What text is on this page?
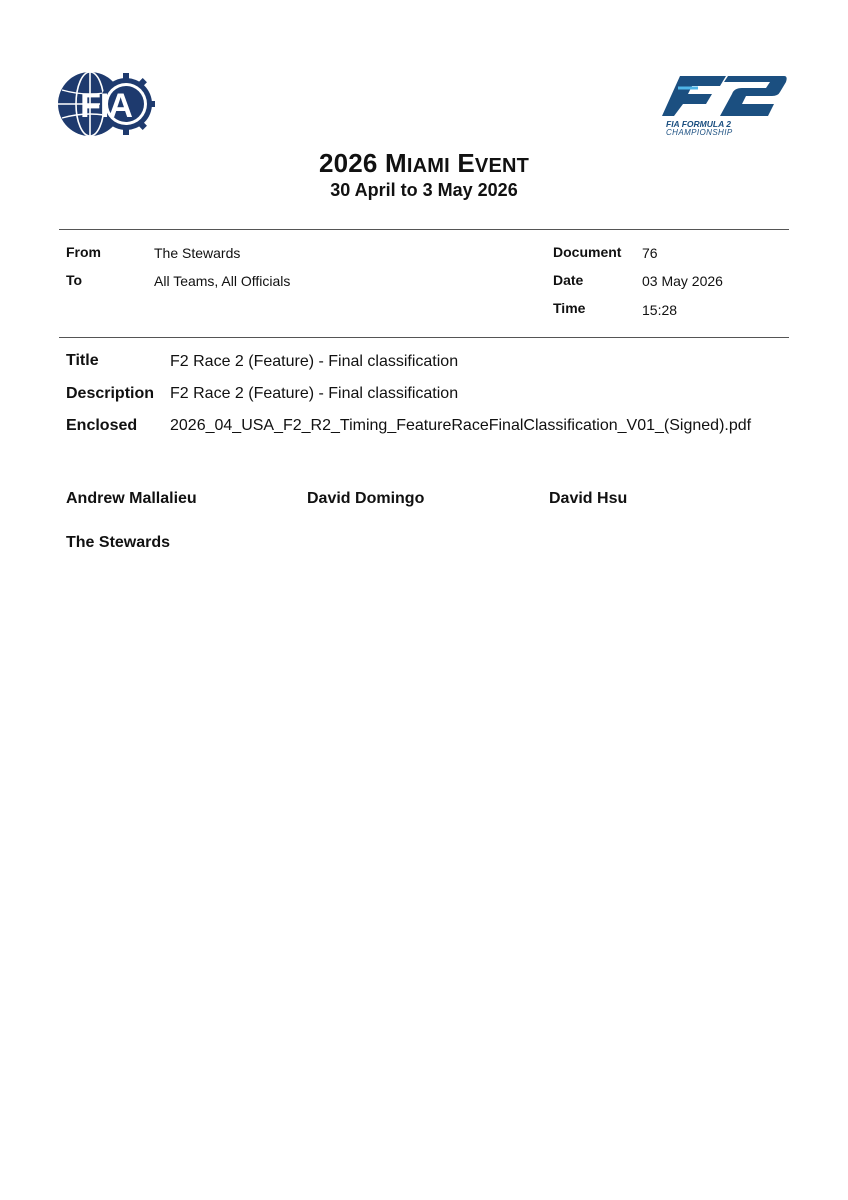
FIA	FIA FORMULA 2
CHAMPIONSHIP
2026 MIAMI EVENT
30 April to 3 May 2026
From	The Stewards
To	All Teams, All Officials
Document 76
Date	03 May 2026
Time	15:28
Title	F2 Race 2 (Feature) - Final classification
Description F2 Race 2 (Feature) - Final classification
Enclosed 2026_04_USA_F2_R2_Timing_FeatureRaceFinalClassification_V01_(Signed).pdf
Andrew Mallalieu	David Domingo	David Hsu
The Stewards
